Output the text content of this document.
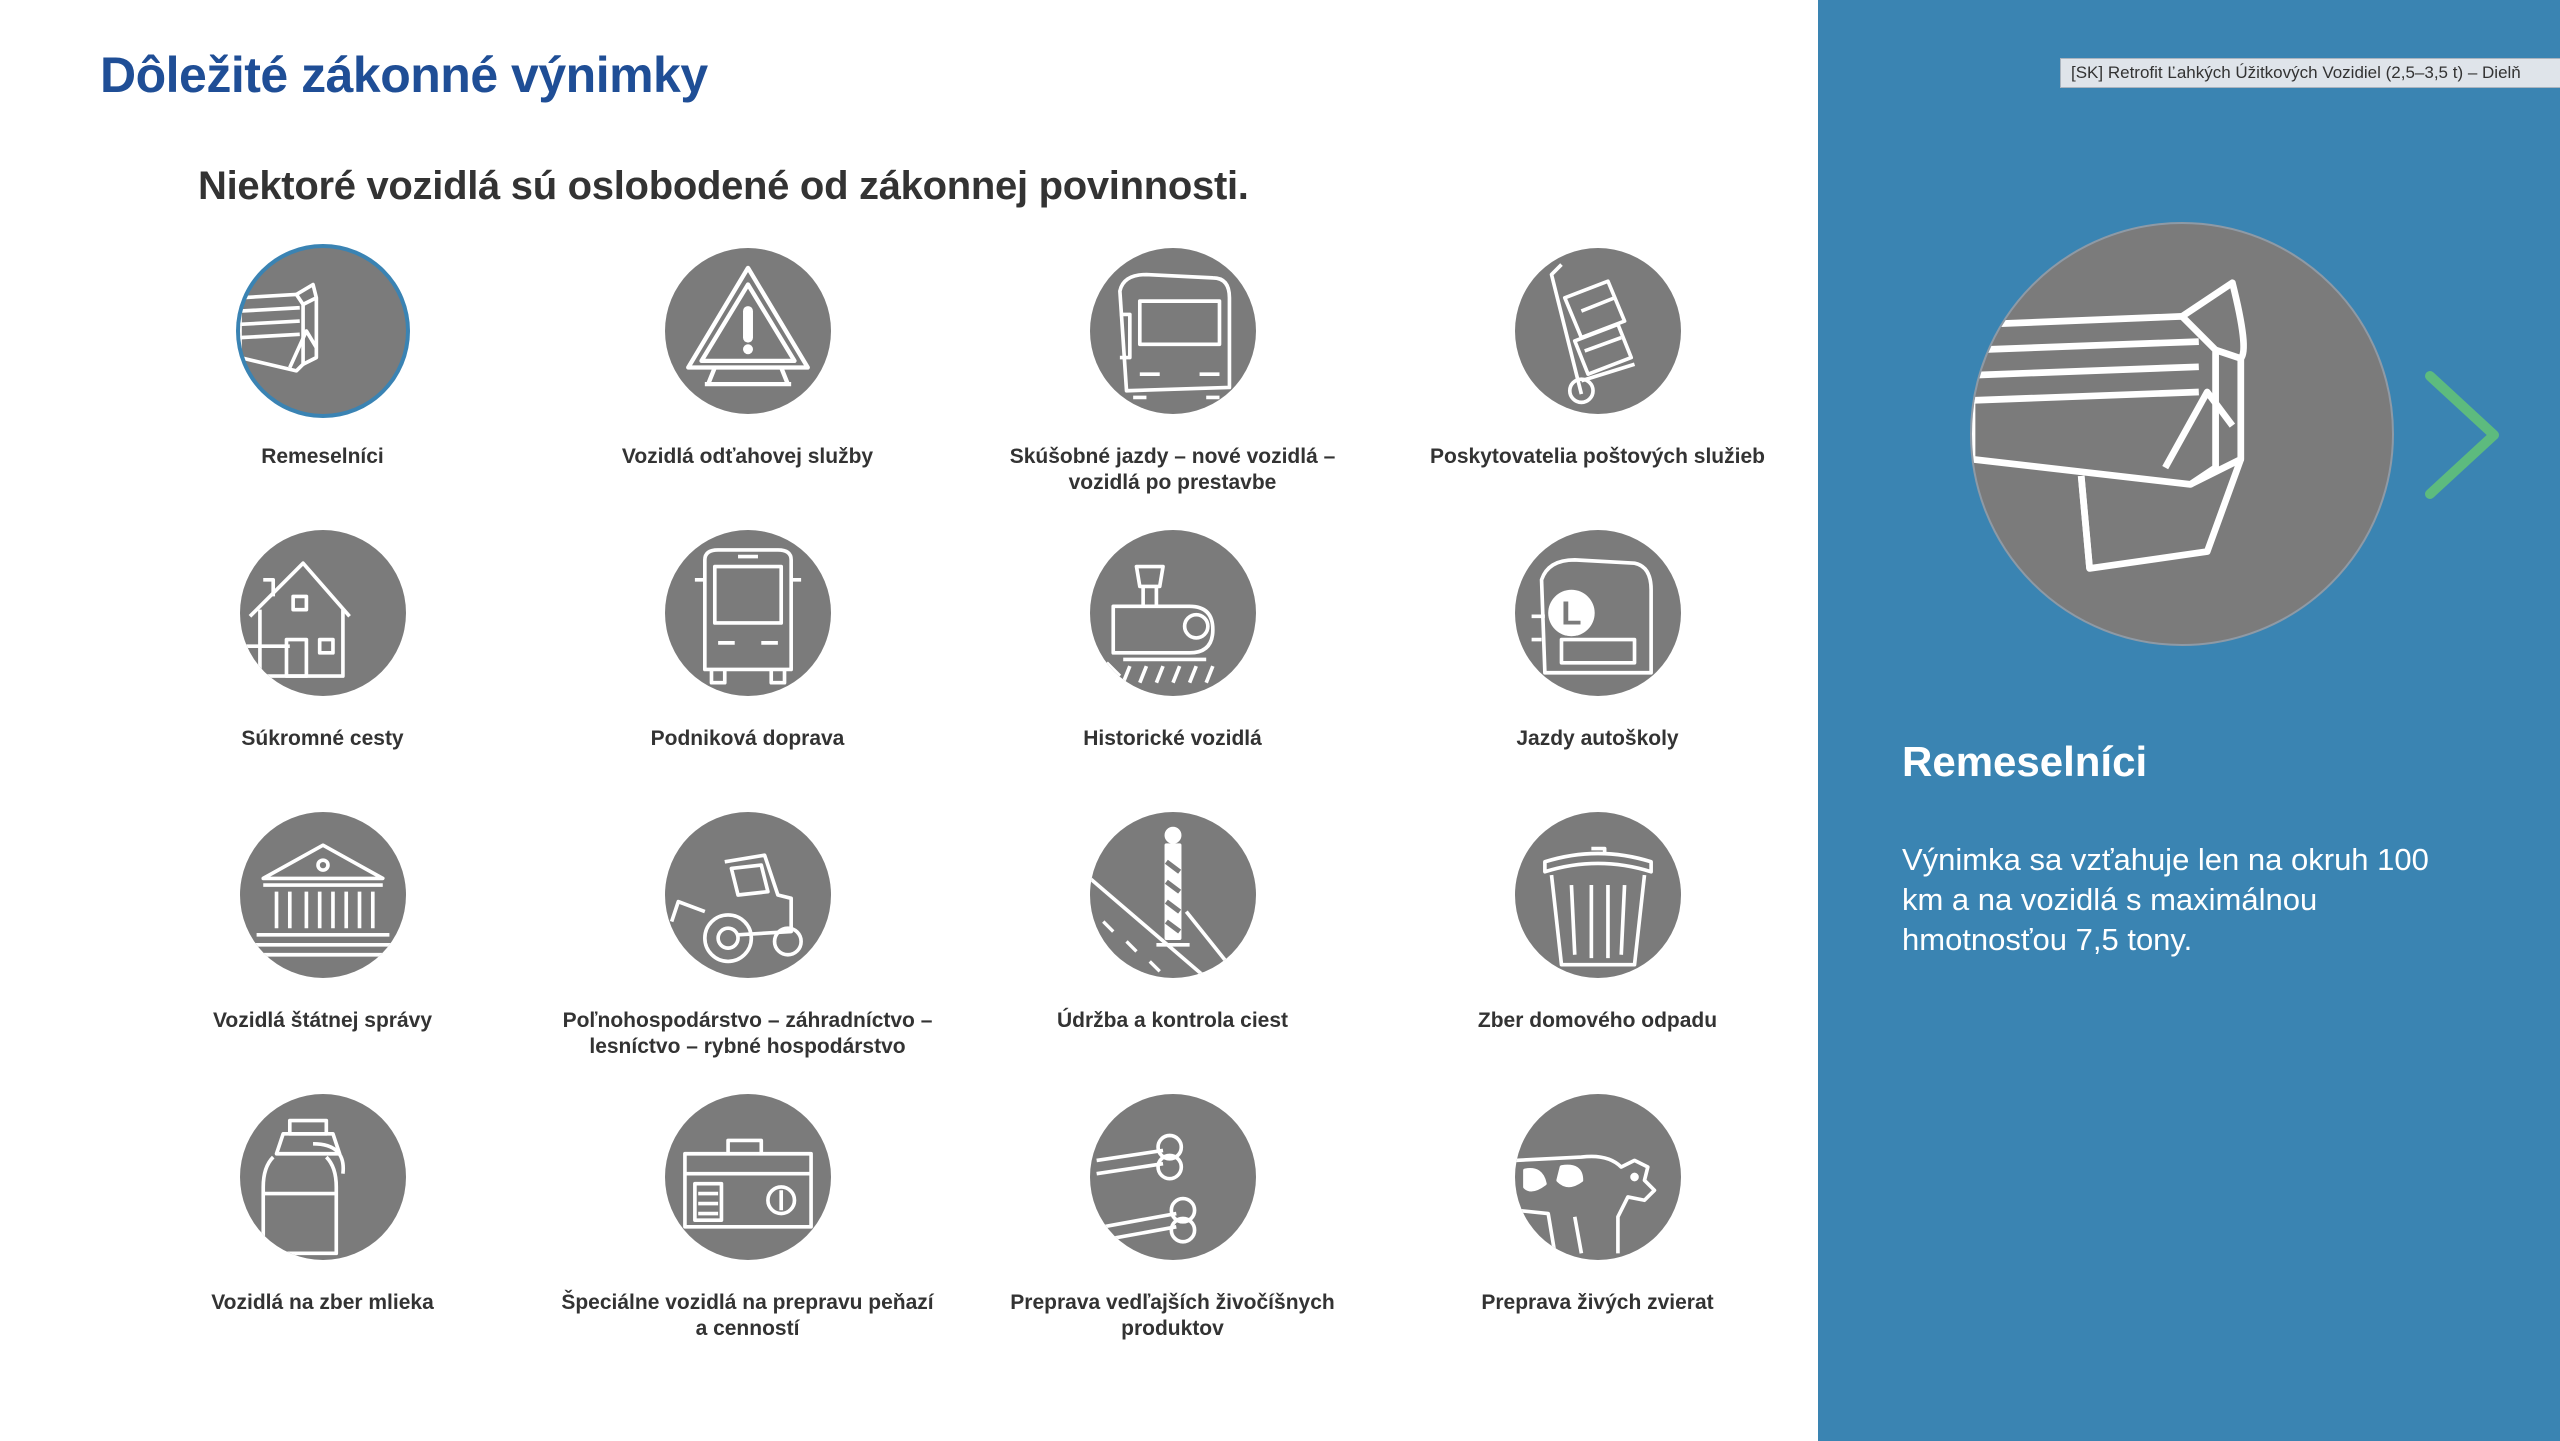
Dôležité zákonné výnimky
Niektoré vozidlá sú oslobodené od zákonnej povinnosti.
Remeselníci	Vozidlá odťahovej služby	Skúšobné jazdy – nové vozidlá – vozidlá po prestavbe
Poskytovatelia poštových služieb
Súkromné cesty	Podniková doprava	Historické vozidlá
L
Jazdy autoškoly
Vozidlá štátnej správy	Poľnohospodárstvo – záhradníctvo – lesníctvo – rybné hospodárstvo
Údržba a kontrola ciest	Zber domového odpadu
Vozidlá na zber mlieka	Špeciálne vozidlá na prepravu peňazí a cenností
Preprava vedľajších živočíšnych produktov
Preprava živých zvierat
[SK] Retrofit Ľahkých Úžitkových Vozidiel (2,5–3,5 t) – Dielň
Remeselníci

Výnimka sa vzťahuje len na okruh 100 km a na vozidlá s maximálnou hmotnosťou 7,5 tony.
